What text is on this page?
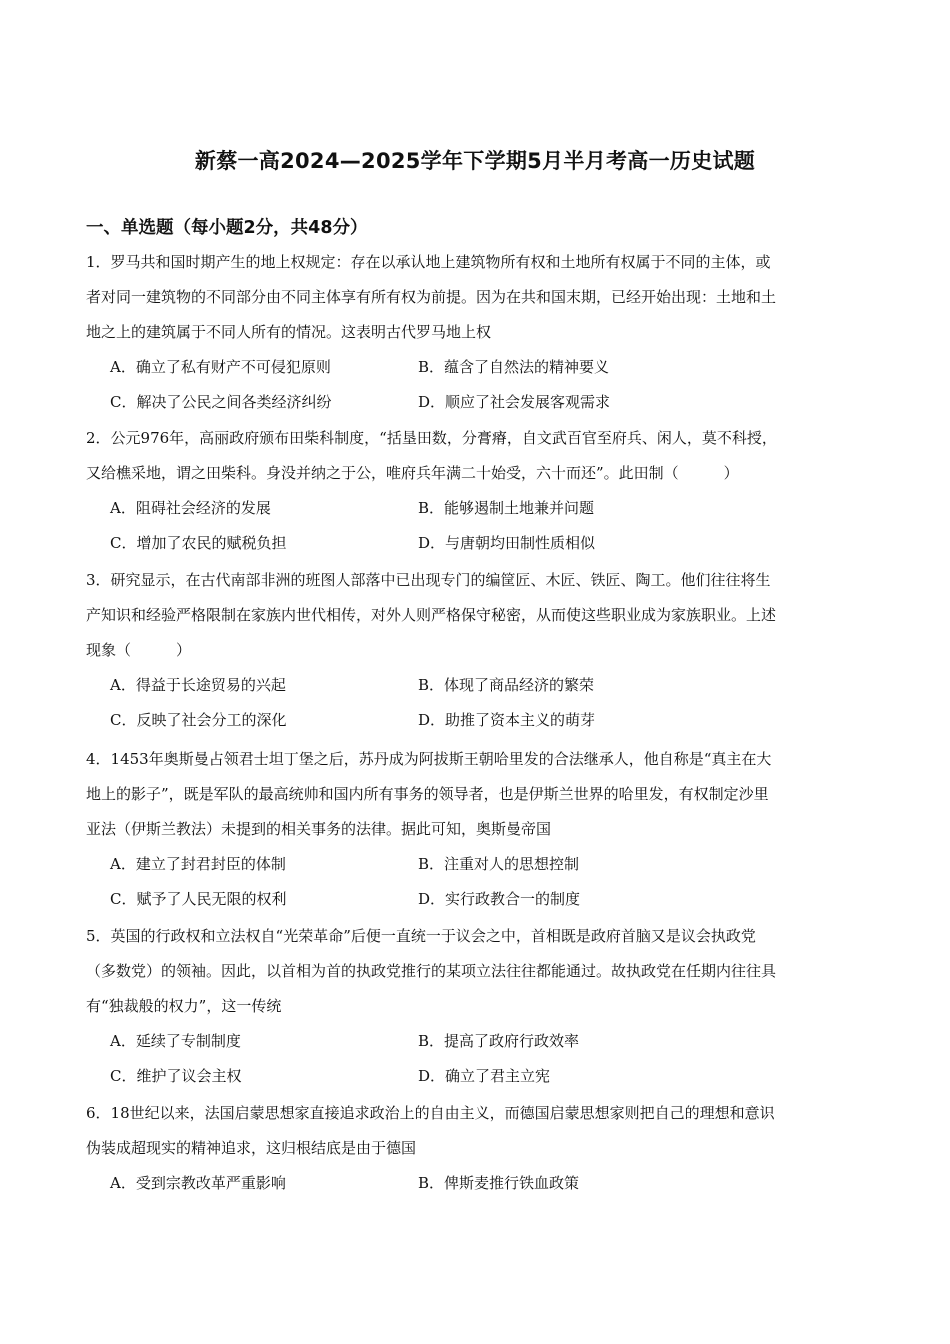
新蔡一高2024—2025学年下学期5月半月考高一历史试题
一、单选题（每小题2分，共48分）
1．罗马共和国时期产生的地上权规定：存在以承认地上建筑物所有权和土地所有权属于不同的主体，或
者对同一建筑物的不同部分由不同主体享有所有权为前提。因为在共和国末期，已经开始出现：土地和土
地之上的建筑属于不同人所有的情况。这表明古代罗马地上权
A．确立了私有财产不可侵犯原则	B．蕴含了自然法的精神要义
C．解决了公民之间各类经济纠纷	D．顺应了社会发展客观需求
2．公元976年，高丽政府颁布田柴科制度，“括垦田数，分膏瘠，自文武百官至府兵、闲人，莫不科授，
又给樵采地，谓之田柴科。身没并纳之于公，唯府兵年满二十始受，六十而还”。此田制（　　　）
A．阻碍社会经济的发展	B．能够遏制土地兼并问题
C．增加了农民的赋税负担	D．与唐朝均田制性质相似
3．研究显示，在古代南部非洲的班图人部落中已出现专门的编筐匠、木匠、铁匠、陶工。他们往往将生
产知识和经验严格限制在家族内世代相传，对外人则严格保守秘密，从而使这些职业成为家族职业。上述
现象（　　　）
A．得益于长途贸易的兴起	B．体现了商品经济的繁荣
C．反映了社会分工的深化	D．助推了资本主义的萌芽
4．1453年奥斯曼占领君士坦丁堡之后，苏丹成为阿拔斯王朝哈里发的合法继承人，他自称是“真主在大
地上的影子”，既是军队的最高统帅和国内所有事务的领导者，也是伊斯兰世界的哈里发，有权制定沙里
亚法（伊斯兰教法）未提到的相关事务的法律。据此可知，奥斯曼帝国
A．建立了封君封臣的体制	B．注重对人的思想控制
C．赋予了人民无限的权利	D．实行政教合一的制度
5．英国的行政权和立法权自“光荣革命”后便一直统一于议会之中，首相既是政府首脑又是议会执政党
（多数党）的领袖。因此，以首相为首的执政党推行的某项立法往往都能通过。故执政党在任期内往往具
有“独裁般的权力”，这一传统
A．延续了专制制度	B．提高了政府行政效率
C．维护了议会主权	D．确立了君主立宪
6．18世纪以来，法国启蒙思想家直接追求政治上的自由主义，而德国启蒙思想家则把自己的理想和意识
伪装成超现实的精神追求，这归根结底是由于德国
A．受到宗教改革严重影响	B．俾斯麦推行铁血政策
